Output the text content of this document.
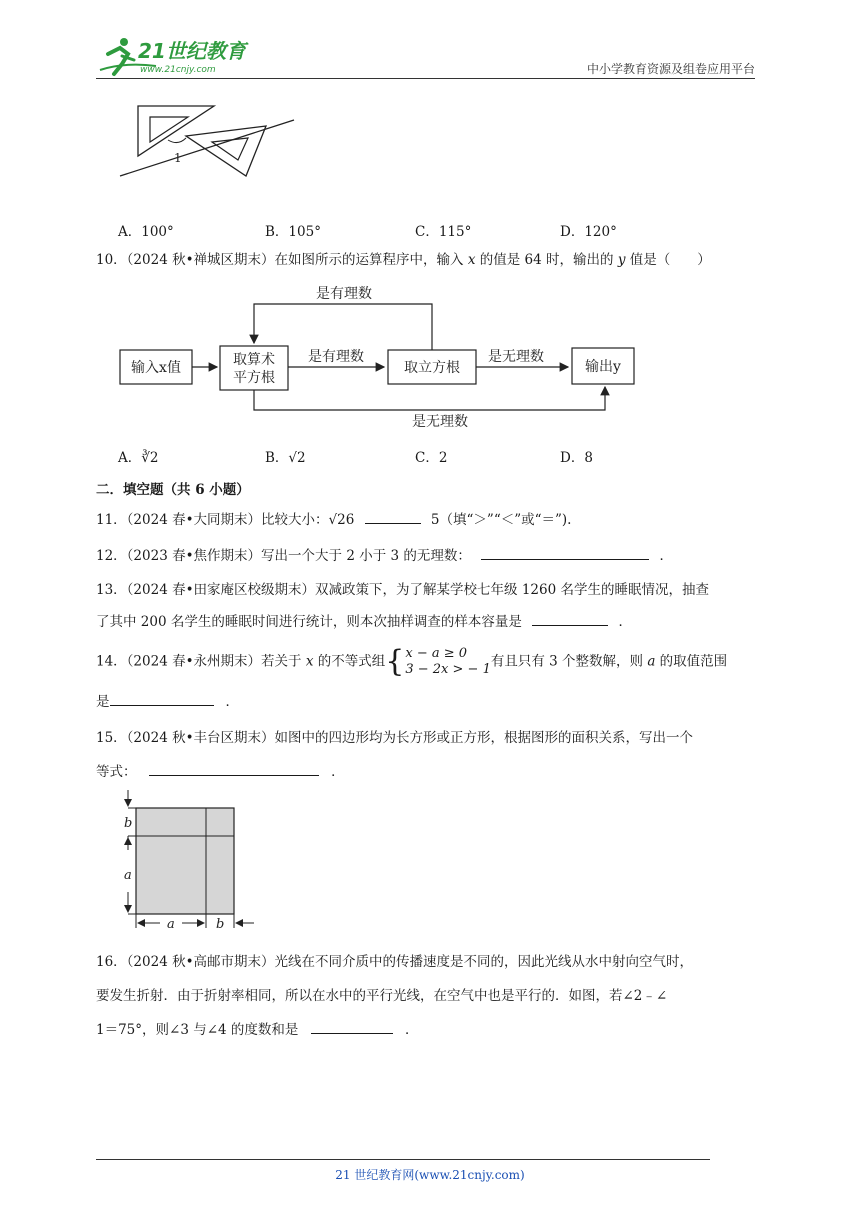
21世纪教育
www.21cnjy.com	中小学教育资源及组卷应用平台
1
A．100°	B．105°	C．115°	D．120°
10．（2024 秋•禅城区期末）在如图所示的运算程序中，输入 x 的值是 64 时，输出的 y 值是（　　）
输入x值	取算术
平方根
是有理数
取立方根
是无理数
输出y
是有理数
是无理数
A．∛2	B．√2	C．2	D．8
二．填空题（共 6 小题）
11．（2024 春•大同期末）比较大小：√26	5（填“＞”“＜”或“＝”).
12．（2023 春•焦作期末）写出一个大于 2 小于 3 的无理数：	．
13．（2024 春•田家庵区校级期末）双减政策下，为了解某学校七年级 1260 名学生的睡眠情况，抽查
了其中 200 名学生的睡眠时间进行统计，则本次抽样调查的样本容量是	．
14．（2024 春•永州期末）若关于 x 的不等式组 { x − a ≥ 0
3 − 2x > − 1 有且只有 3 个整数解，则 a 的取值范围
是	．
15．（2024 秋•丰台区期末）如图中的四边形均为长方形或正方形，根据图形的面积关系，写出一个
等式：	．
b
a
a	b
16．（2024 秋•高邮市期末）光线在不同介质中的传播速度是不同的，因此光线从水中射向空气时，
要发生折射．由于折射率相同，所以在水中的平行光线，在空气中也是平行的．如图，若∠2﹣∠
1＝75°，则∠3 与∠4 的度数和是	．
21 世纪教育网(www.21cnjy.com)
